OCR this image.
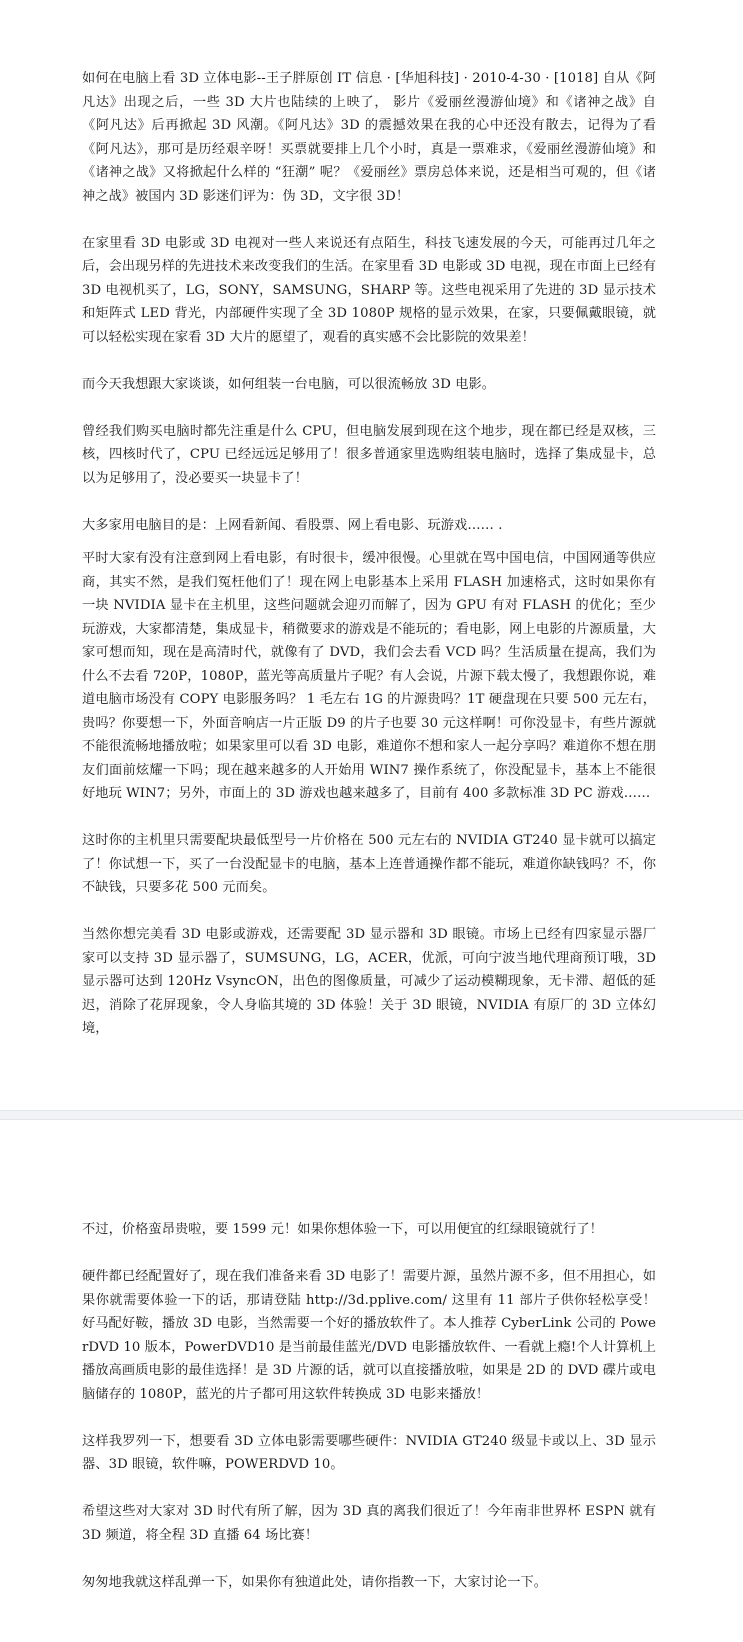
如何在电脑上看 3D 立体电影--王子胖原创 IT 信息 · [华旭科技] · 2010-4-30 · [1018] 自从《阿凡达》出现之后，一些 3D 大片也陆续的上映了， 影片《爱丽丝漫游仙境》和《诸神之战》自《阿凡达》后再掀起 3D 风潮。《阿凡达》3D 的震撼效果在我的心中还没有散去，记得为了看《阿凡达》，那可是历经艰辛呀！买票就要排上几个小时，真是一票难求，《爱丽丝漫游仙境》和《诸神之战》又将掀起什么样的 “狂潮” 呢？《爱丽丝》票房总体来说，还是相当可观的，但《诸神之战》被国内 3D 影迷们评为：伪 3D，文字很 3D！

在家里看 3D 电影或 3D 电视对一些人来说还有点陌生，科技飞速发展的今天，可能再过几年之后，会出现另样的先进技术来改变我们的生活。在家里看 3D 电影或 3D 电视，现在市面上已经有 3D 电视机买了，LG，SONY，SAMSUNG，SHARP 等。这些电视采用了先进的 3D 显示技术和矩阵式 LED 背光，内部硬件实现了全 3D 1080P 规格的显示效果，在家，只要佩戴眼镜，就可以轻松实现在家看 3D 大片的愿望了，观看的真实感不会比影院的效果差！

而今天我想跟大家谈谈，如何组装一台电脑，可以很流畅放 3D 电影。

曾经我们购买电脑时都先注重是什么 CPU，但电脑发展到现在这个地步，现在都已经是双核，三核，四核时代了，CPU 已经远远足够用了！很多普通家里选购组装电脑时，选择了集成显卡，总以为足够用了，没必要买一块显卡了！

大多家用电脑目的是：上网看新闻、看股票、网上看电影、玩游戏…… .

平时大家有没有注意到网上看电影，有时很卡，缓冲很慢。心里就在骂中国电信，中国网通等供应商，其实不然，是我们冤枉他们了！现在网上电影基本上采用 FLASH 加速格式，这时如果你有一块 NVIDIA 显卡在主机里，这些问题就会迎刃而解了，因为 GPU 有对 FLASH 的优化；至少玩游戏，大家都清楚，集成显卡，稍微要求的游戏是不能玩的；看电影，网上电影的片源质量，大家可想而知，现在是高清时代，就像有了 DVD，我们会去看 VCD 吗？生活质量在提高，我们为什么不去看 720P，1080P，蓝光等高质量片子呢？有人会说，片源下载太慢了，我想跟你说，难道电脑市场没有 COPY 电影服务吗？ 1 毛左右 1G 的片源贵吗？1T 硬盘现在只要 500 元左右，贵吗？你要想一下，外面音响店一片正版 D9 的片子也要 30 元这样啊！可你没显卡，有些片源就不能很流畅地播放啦；如果家里可以看 3D 电影，难道你不想和家人一起分享吗？难道你不想在朋友们面前炫耀一下吗；现在越来越多的人开始用 WIN7 操作系统了，你没配显卡，基本上不能很好地玩 WIN7；另外，市面上的 3D 游戏也越来越多了，目前有 400 多款标准 3D PC 游戏……

这时你的主机里只需要配块最低型号一片价格在 500 元左右的 NVIDIA GT240 显卡就可以搞定了！你试想一下，买了一台没配显卡的电脑，基本上连普通操作都不能玩，难道你缺钱吗？不，你不缺钱，只要多花 500 元而矣。

当然你想完美看 3D 电影或游戏，还需要配 3D 显示器和 3D 眼镜。市场上已经有四家显示器厂家可以支持 3D 显示器了，SUMSUNG，LG，ACER，优派，可向宁波当地代理商预订哦，3D 显示器可达到 120Hz VsyncON，出色的图像质量，可减少了运动模糊现象，无卡滞、超低的延迟，消除了花屏现象，令人身临其境的 3D 体验！关于 3D 眼镜，NVIDIA 有原厂的 3D 立体幻境，

不过，价格蛮昂贵啦，要 1599 元！如果你想体验一下，可以用便宜的红绿眼镜就行了！

硬件都已经配置好了，现在我们准备来看 3D 电影了！需要片源，虽然片源不多，但不用担心，如果你就需要体验一下的话，那请登陆 http://3d.pplive.com/ 这里有 11 部片子供你轻松享受！ 好马配好鞍，播放 3D 电影，当然需要一个好的播放软件了。本人推荐 CyberLink 公司的 PowerDVD 10 版本，PowerDVD10 是当前最佳蓝光/DVD 电影播放软件、一看就上瘾!个人计算机上播放高画质电影的最佳选择！是 3D 片源的话，就可以直接播放啦，如果是 2D 的 DVD 碟片或电脑储存的 1080P，蓝光的片子都可用这软件转换成 3D 电影来播放！

这样我罗列一下，想要看 3D 立体电影需要哪些硬件：NVIDIA GT240 级显卡或以上、3D 显示器、3D 眼镜，软件嘛，POWERDVD 10。

希望这些对大家对 3D 时代有所了解，因为 3D 真的离我们很近了！今年南非世界杯 ESPN 就有 3D 频道，将全程 3D 直播 64 场比赛！

匆匆地我就这样乱弹一下，如果你有独道此处，请你指教一下，大家讨论一下。
